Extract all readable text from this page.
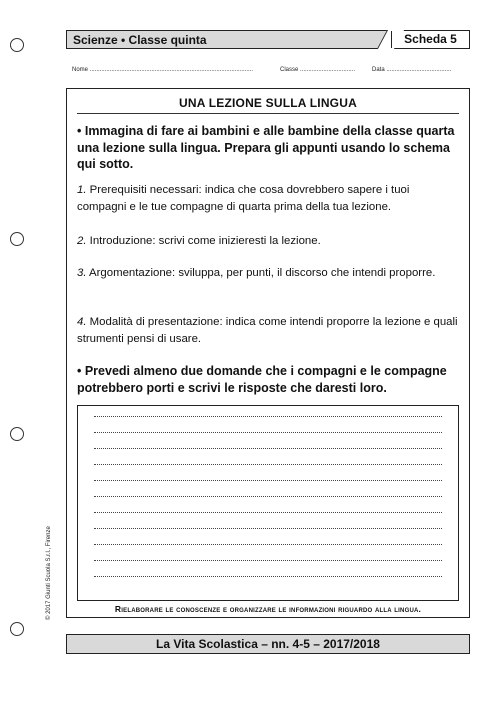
Scienze • Classe quinta	Scheda 5
Nome ..................................................................................................	Classe .................................	Data .......................................
UNA LEZIONE SULLA LINGUA
• Immagina di fare ai bambini e alle bambine della classe quarta una lezione sulla lingua. Prepara gli appunti usando lo schema qui sotto.
1. Prerequisiti necessari: indica che cosa dovrebbero sapere i tuoi compagni e le tue compagne di quarta prima della tua lezione.
2. Introduzione: scrivi come inizieresti la lezione.
3. Argomentazione: sviluppa, per punti, il discorso che intendi proporre.
4. Modalità di presentazione: indica come intendi proporre la lezione e quali strumenti pensi di usare.
• Prevedi almeno due domande che i compagni e le compagne potrebbero porti e scrivi le risposte che daresti loro.
Rielaborare le conoscenze e organizzare le informazioni riguardo alla lingua.
© 2017 Giunti Scuola S.r.l., Firenze
La Vita Scolastica – nn. 4-5 – 2017/2018
